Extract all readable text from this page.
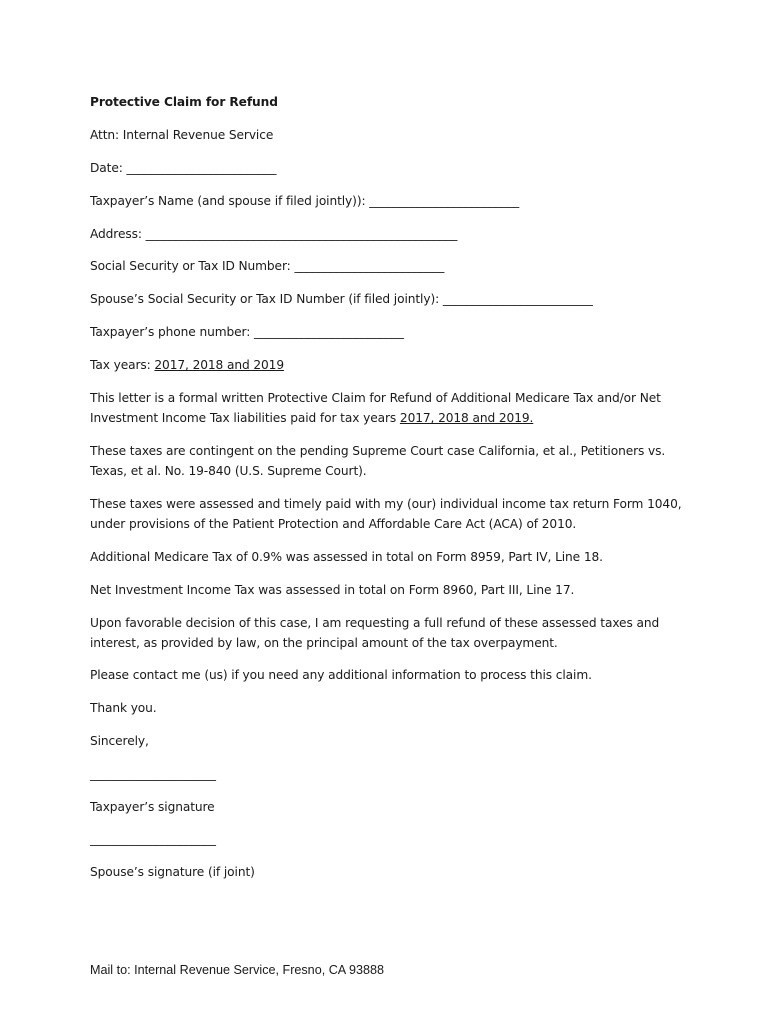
Protective Claim for Refund
Attn: Internal Revenue Service
Date: _________________________
Taxpayer’s Name (and spouse if filed jointly)): _________________________
Address: ____________________________________________________
Social Security or Tax ID Number: _________________________
Spouse’s Social Security or Tax ID Number (if filed jointly): _________________________
Taxpayer’s phone number: _________________________
Tax years: 2017, 2018 and 2019
This letter is a formal written Protective Claim for Refund of Additional Medicare Tax and/or Net Investment Income Tax liabilities paid for tax years 2017, 2018 and 2019.
These taxes are contingent on the pending Supreme Court case California, et al., Petitioners vs. Texas, et al. No. 19-840 (U.S. Supreme Court).
These taxes were assessed and timely paid with my (our) individual income tax return Form 1040, under provisions of the Patient Protection and Affordable Care Act (ACA) of 2010.
Additional Medicare Tax of 0.9% was assessed in total on Form 8959, Part IV, Line 18.
Net Investment Income Tax was assessed in total on Form 8960, Part III, Line 17.
Upon favorable decision of this case, I am requesting a full refund of these assessed taxes and interest, as provided by law, on the principal amount of the tax overpayment.
Please contact me (us) if you need any additional information to process this claim.
Thank you.
Sincerely,
_____________________
Taxpayer’s signature
_____________________
Spouse’s signature (if joint)
Mail to: Internal Revenue Service, Fresno, CA 93888
